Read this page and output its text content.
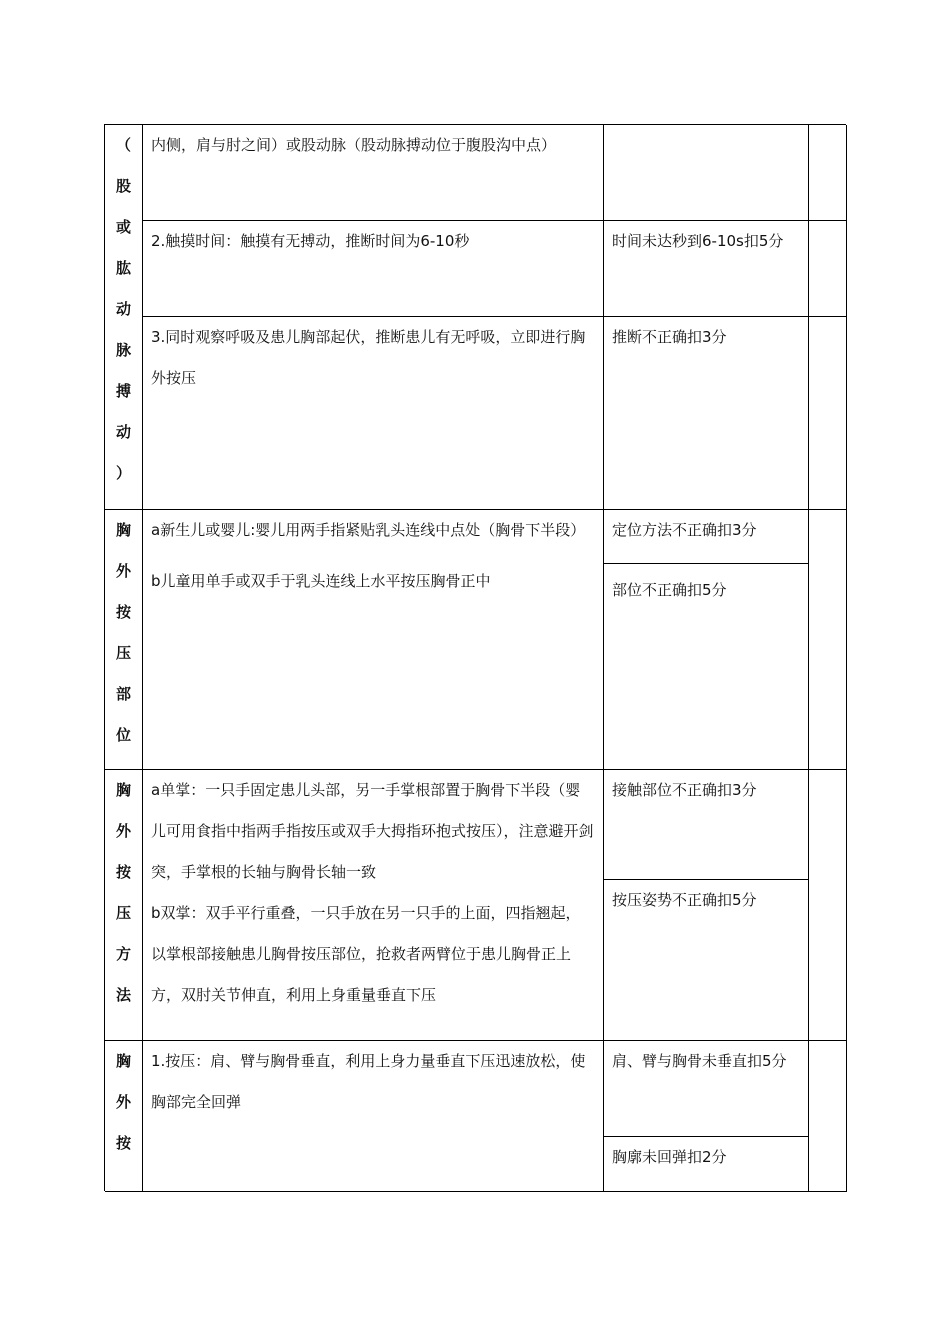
（
股
或
肱
动
脉
搏
动
）

内侧，肩与肘之间）或股动脉（股动脉搏动位于腹股沟中点）

2.触摸时间：触摸有无搏动，推断时间为6-10秒	时间未达秒到6-10s扣5分

3.同时观察呼吸及患儿胸部起伏，推断患儿有无呼吸，立即进行胸外按压

推断不正确扣3分

胸
外
按
压
部
位

a新生儿或婴儿:婴儿用两手指紧贴乳头连线中点处（胸骨下半段）

b儿童用单手或双手于乳头连线上水平按压胸骨正中

定位方法不正确扣3分

部位不正确扣5分

胸
外
按
压
方
法

a单掌：一只手固定患儿头部，另一手掌根部置于胸骨下半段（婴儿可用食指中指两手指按压或双手大拇指环抱式按压），注意避开剑突，手掌根的长轴与胸骨长轴一致

b双掌：双手平行重叠，一只手放在另一只手的上面，四指翘起，以掌根部接触患儿胸骨按压部位，抢救者两臂位于患儿胸骨正上方，双肘关节伸直，利用上身重量垂直下压

接触部位不正确扣3分

按压姿势不正确扣5分

胸
外
按

1.按压：肩、臂与胸骨垂直，利用上身力量垂直下压迅速放松，使胸部完全回弹

肩、臂与胸骨未垂直扣5分

胸廓未回弹扣2分
